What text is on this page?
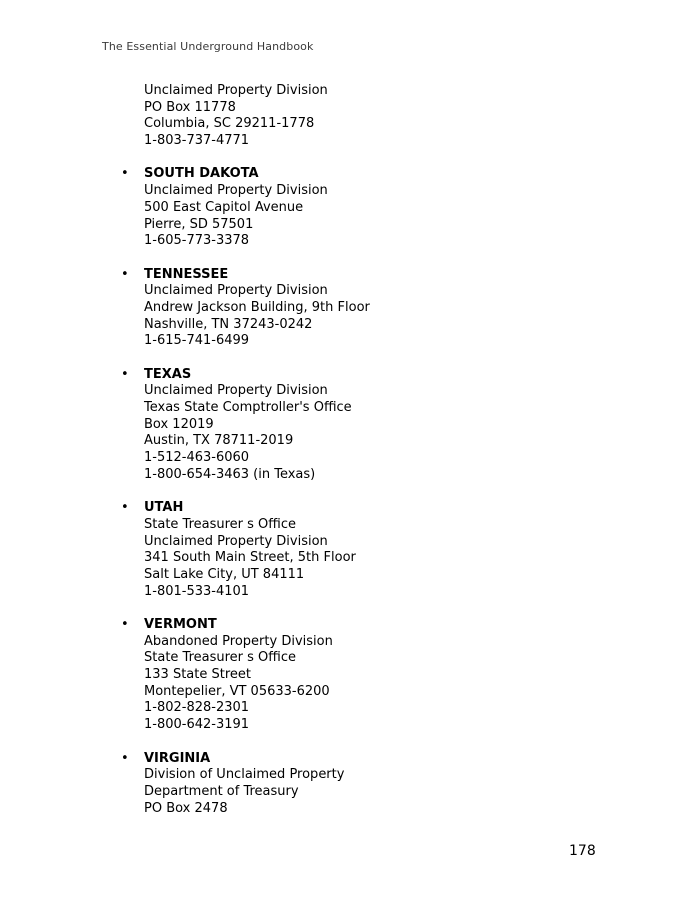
The Essential Underground Handbook
Unclaimed Property Division
PO Box 11778
Columbia, SC 29211-1778
1-803-737-4771
• SOUTH DAKOTA
Unclaimed Property Division
500 East Capitol Avenue
Pierre, SD 57501
1-605-773-3378
• TENNESSEE
Unclaimed Property Division
Andrew Jackson Building, 9th Floor
Nashville, TN 37243-0242
1-615-741-6499
• TEXAS
Unclaimed Property Division
Texas State Comptroller's Office
Box 12019
Austin, TX 78711-2019
1-512-463-6060
1-800-654-3463 (in Texas)
• UTAH
State Treasurer s Office
Unclaimed Property Division
341 South Main Street, 5th Floor
Salt Lake City, UT 84111
1-801-533-4101
• VERMONT
Abandoned Property Division
State Treasurer s Office
133 State Street
Montepelier, VT 05633-6200
1-802-828-2301
1-800-642-3191
• VIRGINIA
Division of Unclaimed Property
Department of Treasury
PO Box 2478
178
